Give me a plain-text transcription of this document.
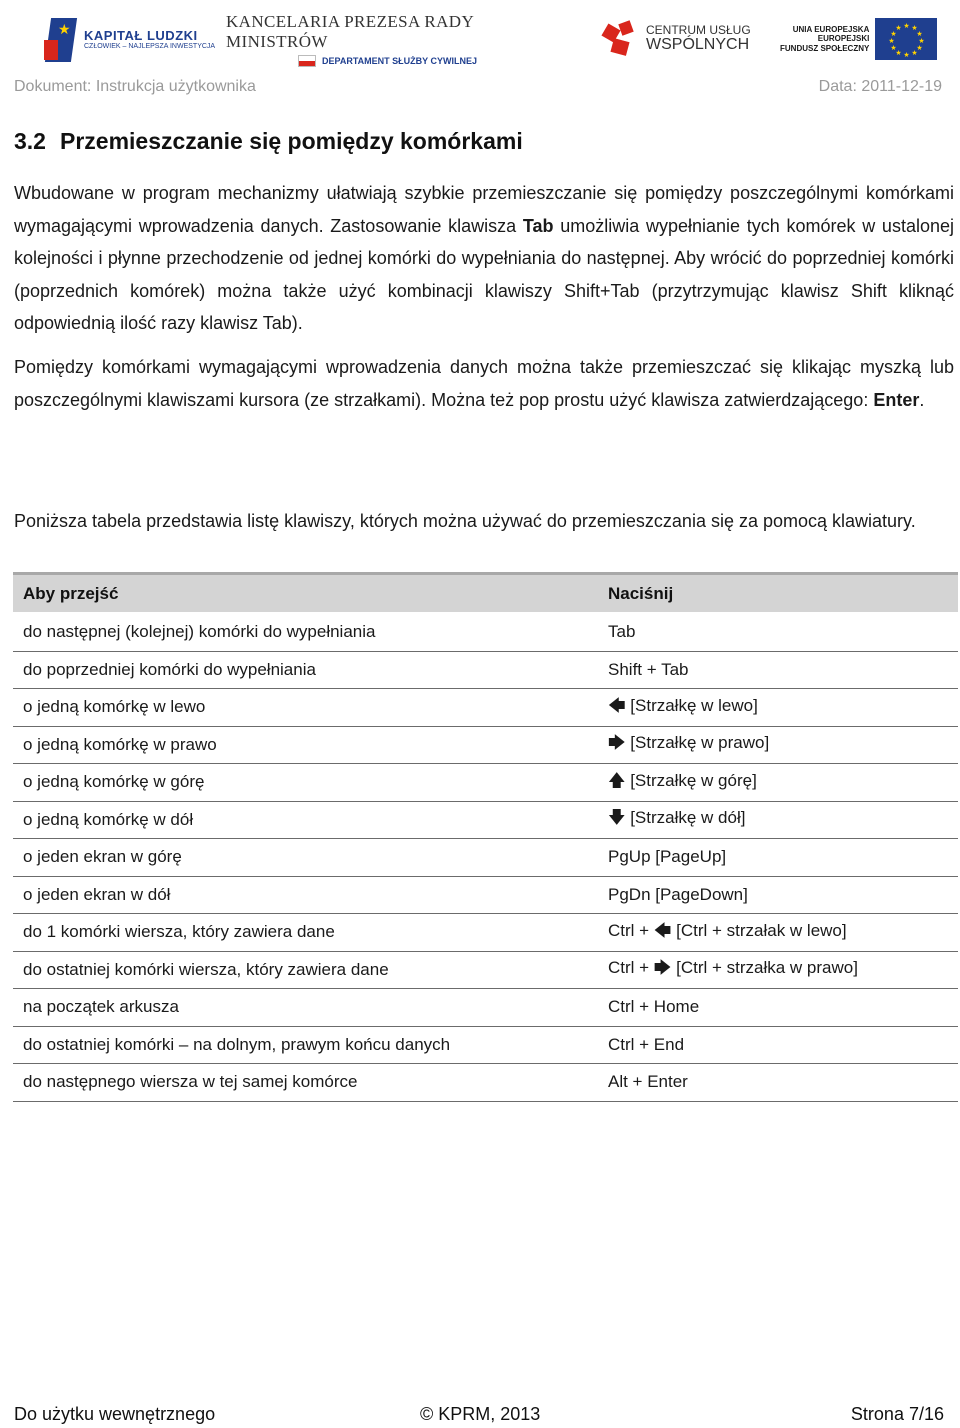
★ KAPITAŁ LUDZKI
CZŁOWIEK – NAJLEPSZA INWESTYCJA
KANCELARIA PREZESA RADY MINISTRÓW
DEPARTAMENT SŁUŻBY CYWILNEJ
CENTRUM USŁUG
WSPÓLNYCH
UNIA EUROPEJSKA
EUROPEJSKI
FUNDUSZ SPOŁECZNY
★ ★
★
★
★
★
★
★
★
★
★
★
Dokument: Instrukcja użytkownika	Data: 2011-12-19
3.2 Przemieszczanie się pomiędzy komórkami
Wbudowane w program mechanizmy ułatwiają szybkie przemieszczanie się pomiędzy poszczególnymi komórkami wymagającymi wprowadzenia danych. Zastosowanie klawisza Tab umożliwia wypełnianie tych komórek w ustalonej kolejności i płynne przechodzenie od jednej komórki do wypełniania do następnej. Aby wrócić do poprzedniej komórki (poprzednich komórek) można także użyć kombinacji klawiszy Shift+Tab (przytrzymując klawisz Shift kliknąć odpowiednią ilość razy klawisz Tab).
Pomiędzy komórkami wymagającymi wprowadzenia danych można także przemieszczać się klikając myszką lub poszczególnymi klawiszami kursora (ze strzałkami). Można też pop prostu użyć klawisza zatwierdzającego: Enter.
Poniższa tabela przedstawia listę klawiszy, których można używać do przemieszczania się za pomocą klawiatury.
Aby przejść	Naciśnij
do następnej (kolejnej) komórki do wypełniania	Tab
do poprzedniej komórki do wypełniania	Shift + Tab
o jedną komórkę w lewo	🡄 [Strzałkę w lewo]
o jedną komórkę w prawo	🡆 [Strzałkę w prawo]
o jedną komórkę w górę	🡅 [Strzałkę w górę]
o jedną komórkę w dół	🡇 [Strzałkę w dół]
o jeden ekran w górę	PgUp [PageUp]
o jeden ekran w dół	PgDn [PageDown]
do 1 komórki wiersza, który zawiera dane	Ctrl + 🡄 [Ctrl + strzałak w lewo]
do ostatniej komórki wiersza, który zawiera dane	Ctrl + 🡆 [Ctrl + strzałka w prawo]
na początek arkusza	Ctrl + Home
do ostatniej komórki – na dolnym, prawym końcu danych	Ctrl + End
do następnego wiersza w tej samej komórce	Alt + Enter
Do użytku wewnętrznego	© KPRM, 2013	Strona 7/16
